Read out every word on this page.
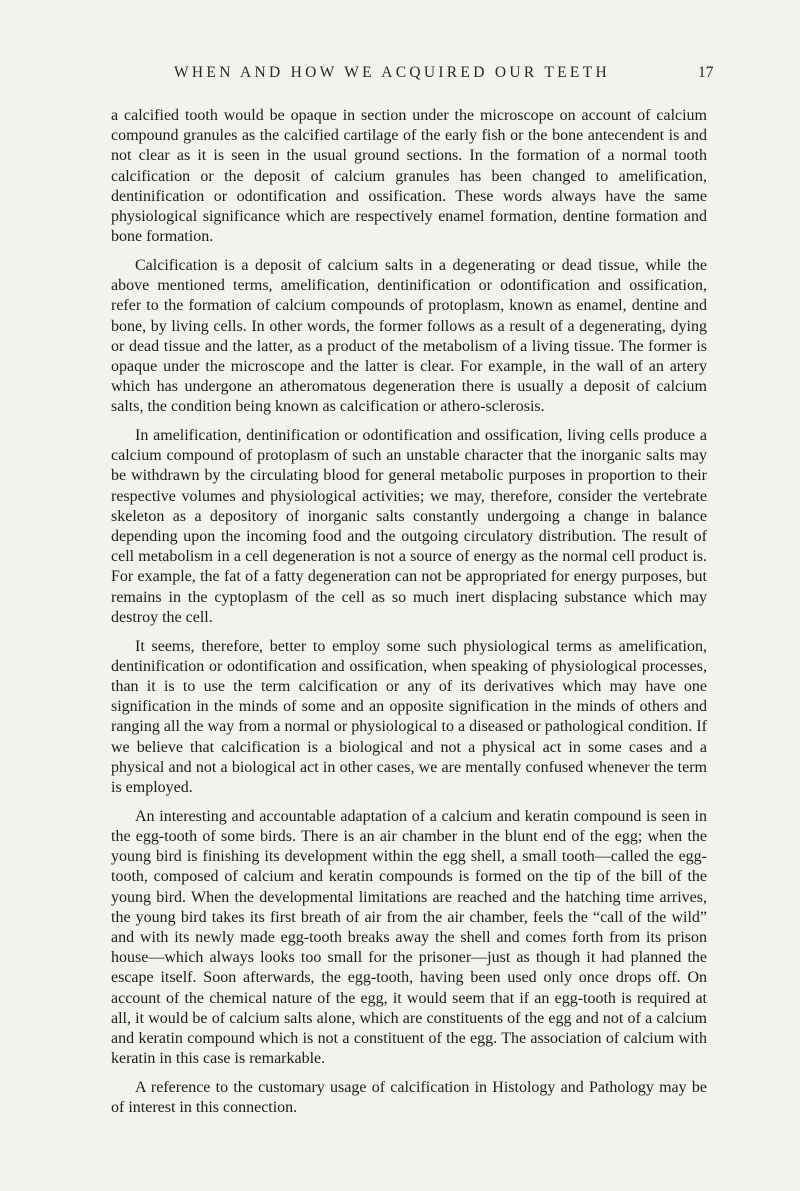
WHEN AND HOW WE ACQUIRED OUR TEETH	17

a calcified tooth would be opaque in section under the microscope on account of calcium compound granules as the calcified cartilage of the early fish or the bone antecendent is and not clear as it is seen in the usual ground sections. In the formation of a normal tooth calcification or the deposit of calcium granules has been changed to amelification, dentinification or odontification and ossification. These words always have the same physiological significance which are respectively enamel formation, dentine formation and bone formation.

Calcification is a deposit of calcium salts in a degenerating or dead tissue, while the above mentioned terms, amelification, dentinification or odontification and ossification, refer to the formation of calcium compounds of protoplasm, known as enamel, dentine and bone, by living cells. In other words, the former follows as a result of a degenerating, dying or dead tissue and the latter, as a product of the metabolism of a living tissue. The former is opaque under the microscope and the latter is clear. For example, in the wall of an artery which has undergone an atheromatous degeneration there is usually a deposit of calcium salts, the condition being known as calcification or athero-sclerosis.

In amelification, dentinification or odontification and ossification, living cells produce a calcium compound of protoplasm of such an unstable character that the inorganic salts may be withdrawn by the circulating blood for general metabolic purposes in proportion to their respective volumes and physiological activities; we may, therefore, consider the vertebrate skeleton as a depository of inorganic salts constantly undergoing a change in balance depending upon the incoming food and the outgoing circulatory distribution. The result of cell metabolism in a cell degeneration is not a source of energy as the normal cell product is. For example, the fat of a fatty degeneration can not be appropriated for energy purposes, but remains in the cyptoplasm of the cell as so much inert displacing substance which may destroy the cell.

It seems, therefore, better to employ some such physiological terms as amelification, dentinification or odontification and ossification, when speaking of physiological processes, than it is to use the term calcification or any of its derivatives which may have one signification in the minds of some and an opposite signification in the minds of others and ranging all the way from a normal or physiological to a diseased or pathological condition. If we believe that calcification is a biological and not a physical act in some cases and a physical and not a biological act in other cases, we are mentally confused whenever the term is employed.

An interesting and accountable adaptation of a calcium and keratin compound is seen in the egg-tooth of some birds. There is an air chamber in the blunt end of the egg; when the young bird is finishing its development within the egg shell, a small tooth—called the egg-tooth, composed of calcium and keratin compounds is formed on the tip of the bill of the young bird. When the developmental limitations are reached and the hatching time arrives, the young bird takes its first breath of air from the air chamber, feels the “call of the wild” and with its newly made egg-tooth breaks away the shell and comes forth from its prison house—which always looks too small for the prisoner—just as though it had planned the escape itself. Soon afterwards, the egg-tooth, having been used only once drops off. On account of the chemical nature of the egg, it would seem that if an egg-tooth is required at all, it would be of calcium salts alone, which are constituents of the egg and not of a calcium and keratin compound which is not a constituent of the egg. The association of calcium with keratin in this case is remarkable.

A reference to the customary usage of calcification in Histology and Pathology may be of interest in this connection.
